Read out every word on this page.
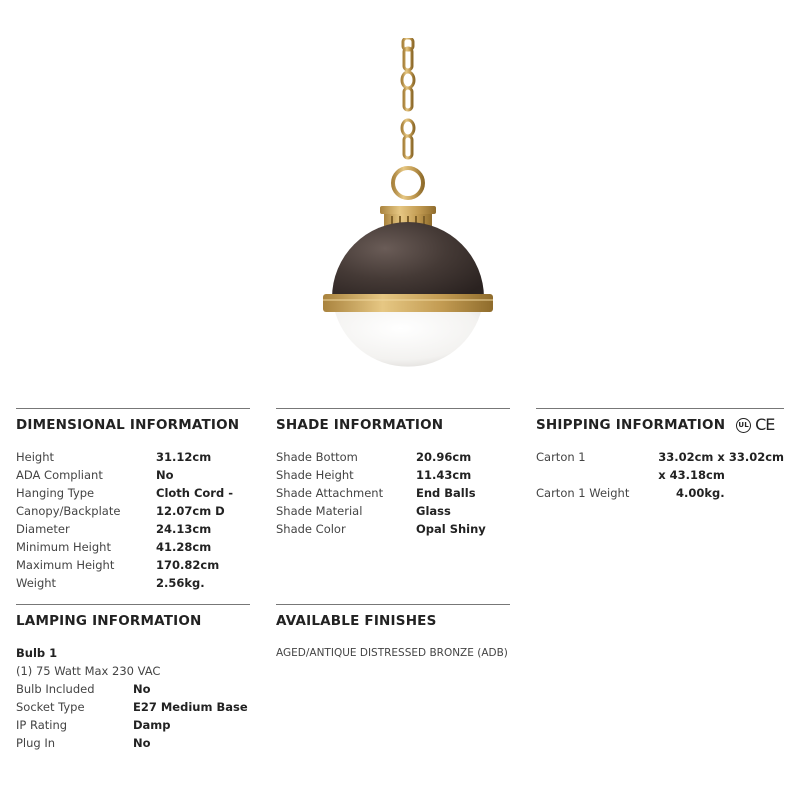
DIMENSIONAL INFORMATION
Height	31.12cm
ADA Compliant	No
Hanging Type	Cloth Cord -
Canopy/Backplate	12.07cm D
Diameter	24.13cm
Minimum Height	41.28cm
Maximum Height	170.82cm
Weight	2.56kg.
SHADE INFORMATION
Shade Bottom	20.96cm
Shade Height	11.43cm
Shade Attachment	End Balls
Shade Material	Glass
Shade Color	Opal Shiny
SHIPPING INFORMATION	UL CE
Carton 1	33.02cm x 33.02cm
x 43.18cm
Carton 1 Weight	4.00kg.
LAMPING INFORMATION
Bulb 1
(1) 75 Watt Max 230 VAC
Bulb Included	No
Socket Type	E27 Medium Base
IP Rating	Damp
Plug In	No
AVAILABLE FINISHES
AGED/ANTIQUE DISTRESSED BRONZE (ADB)
